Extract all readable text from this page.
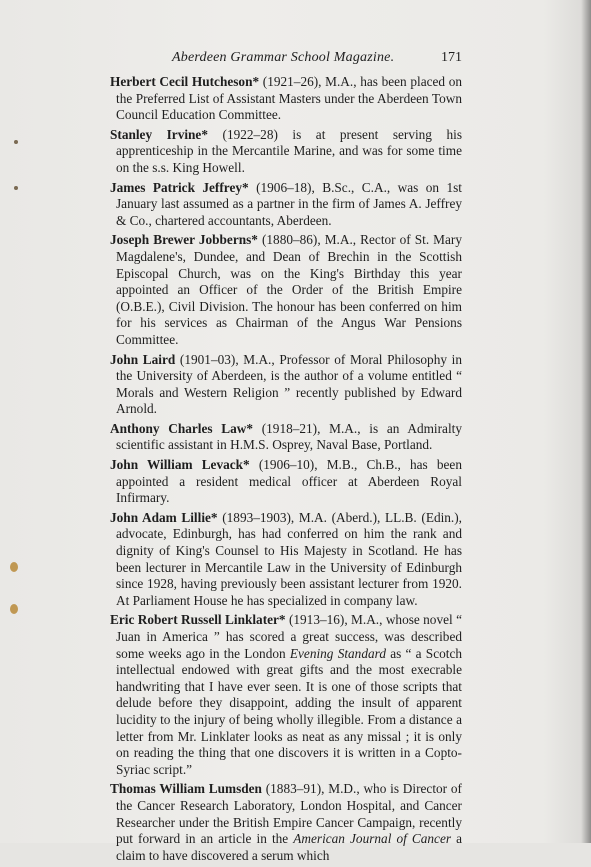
Aberdeen Grammar School Magazine.	171

Herbert Cecil Hutcheson* (1921–26), M.A., has been placed on the Preferred List of Assistant Masters under the Aberdeen Town Council Education Committee.

Stanley Irvine* (1922–28) is at present serving his apprenticeship in the Mercantile Marine, and was for some time on the s.s. King Howell.

James Patrick Jeffrey* (1906–18), B.Sc., C.A., was on 1st January last assumed as a partner in the firm of James A. Jeffrey & Co., chartered accountants, Aberdeen.

Joseph Brewer Jobberns* (1880–86), M.A., Rector of St. Mary Magdalene's, Dundee, and Dean of Brechin in the Scottish Episcopal Church, was on the King's Birthday this year appointed an Officer of the Order of the British Empire (O.B.E.), Civil Division. The honour has been conferred on him for his services as Chairman of the Angus War Pensions Committee.

John Laird (1901–03), M.A., Professor of Moral Philosophy in the University of Aberdeen, is the author of a volume entitled “ Morals and Western Religion ” recently published by Edward Arnold.

Anthony Charles Law* (1918–21), M.A., is an Admiralty scientific assistant in H.M.S. Osprey, Naval Base, Portland.

John William Levack* (1906–10), M.B., Ch.B., has been appointed a resident medical officer at Aberdeen Royal Infirmary.

John Adam Lillie* (1893–1903), M.A. (Aberd.), LL.B. (Edin.), advocate, Edinburgh, has had conferred on him the rank and dignity of King's Counsel to His Majesty in Scotland. He has been lecturer in Mercantile Law in the University of Edinburgh since 1928, having previously been assistant lecturer from 1920. At Parliament House he has specialized in company law.

Eric Robert Russell Linklater* (1913–16), M.A., whose novel “ Juan in America ” has scored a great success, was described some weeks ago in the London Evening Standard as “ a Scotch intellectual endowed with great gifts and the most execrable handwriting that I have ever seen. It is one of those scripts that delude before they disappoint, adding the insult of apparent lucidity to the injury of being wholly illegible. From a distance a letter from Mr. Linklater looks as neat as any missal ; it is only on reading the thing that one discovers it is written in a Copto-Syriac script.”

Thomas William Lumsden (1883–91), M.D., who is Director of the Cancer Research Laboratory, London Hospital, and Cancer Researcher under the British Empire Cancer Campaign, recently put forward in an article in the American Journal of Cancer a claim to have discovered a serum which
